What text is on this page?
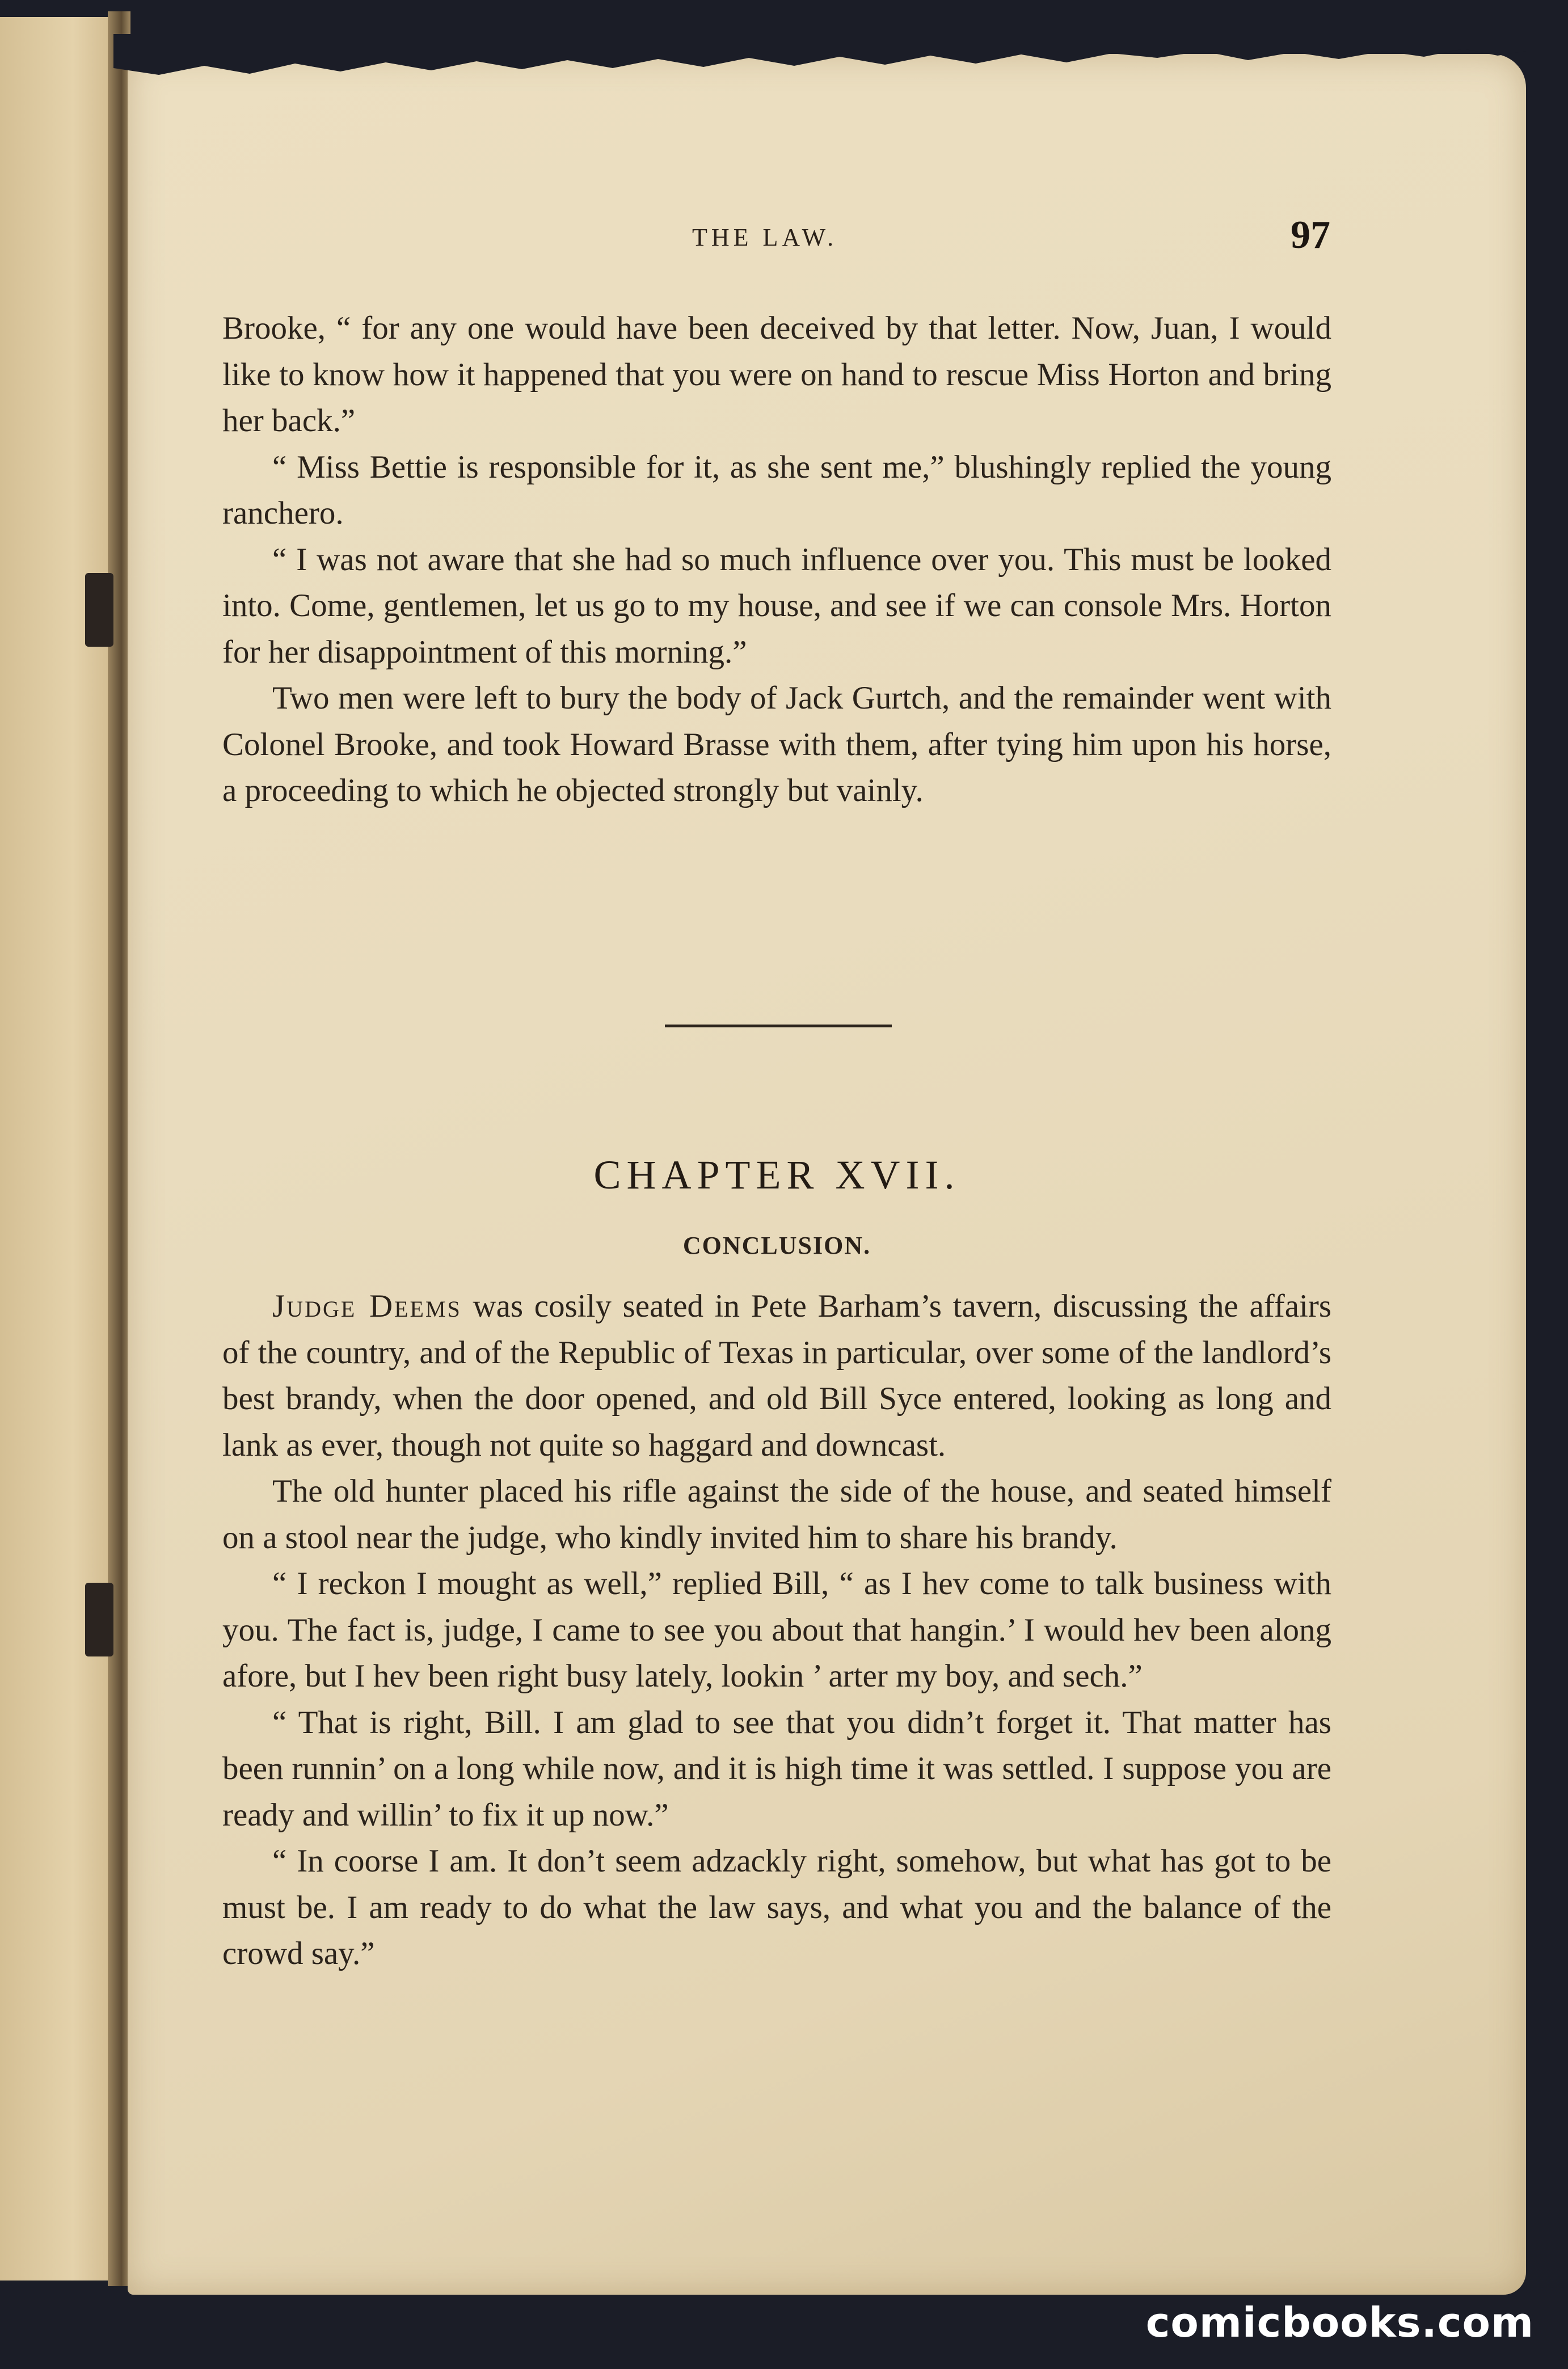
THE LAW.	97

Brooke, “ for any one would have been deceived by that letter. Now, Juan, I would like to know how it happened that you were on hand to rescue Miss Horton and bring her back.”

“ Miss Bettie is responsible for it, as she sent me,” blushingly replied the young ranchero.

“ I was not aware that she had so much influence over you. This must be looked into. Come, gentlemen, let us go to my house, and see if we can console Mrs. Horton for her disappointment of this morning.”

Two men were left to bury the body of Jack Gurtch, and the remainder went with Colonel Brooke, and took Howard Brasse with them, after tying him upon his horse, a proceeding to which he objected strongly but vainly.

CHAPTER XVII.
CONCLUSION.

Judge Deems was cosily seated in Pete Barham’s tavern, discussing the affairs of the country, and of the Republic of Texas in particular, over some of the landlord’s best brandy, when the door opened, and old Bill Syce entered, looking as long and lank as ever, though not quite so haggard and downcast.

The old hunter placed his rifle against the side of the house, and seated himself on a stool near the judge, who kindly invited him to share his brandy.

“ I reckon I mought as well,” replied Bill, “ as I hev come to talk business with you. The fact is, judge, I came to see you about that hangin.’ I would hev been along afore, but I hev been right busy lately, lookin ’ arter my boy, and sech.”

“ That is right, Bill. I am glad to see that you didn’t forget it. That matter has been runnin’ on a long while now, and it is high time it was settled. I suppose you are ready and willin’ to fix it up now.”

“ In coorse I am. It don’t seem adzackly right, somehow, but what has got to be must be. I am ready to do what the law says, and what you and the balance of the crowd say.”

comicbooks.com
